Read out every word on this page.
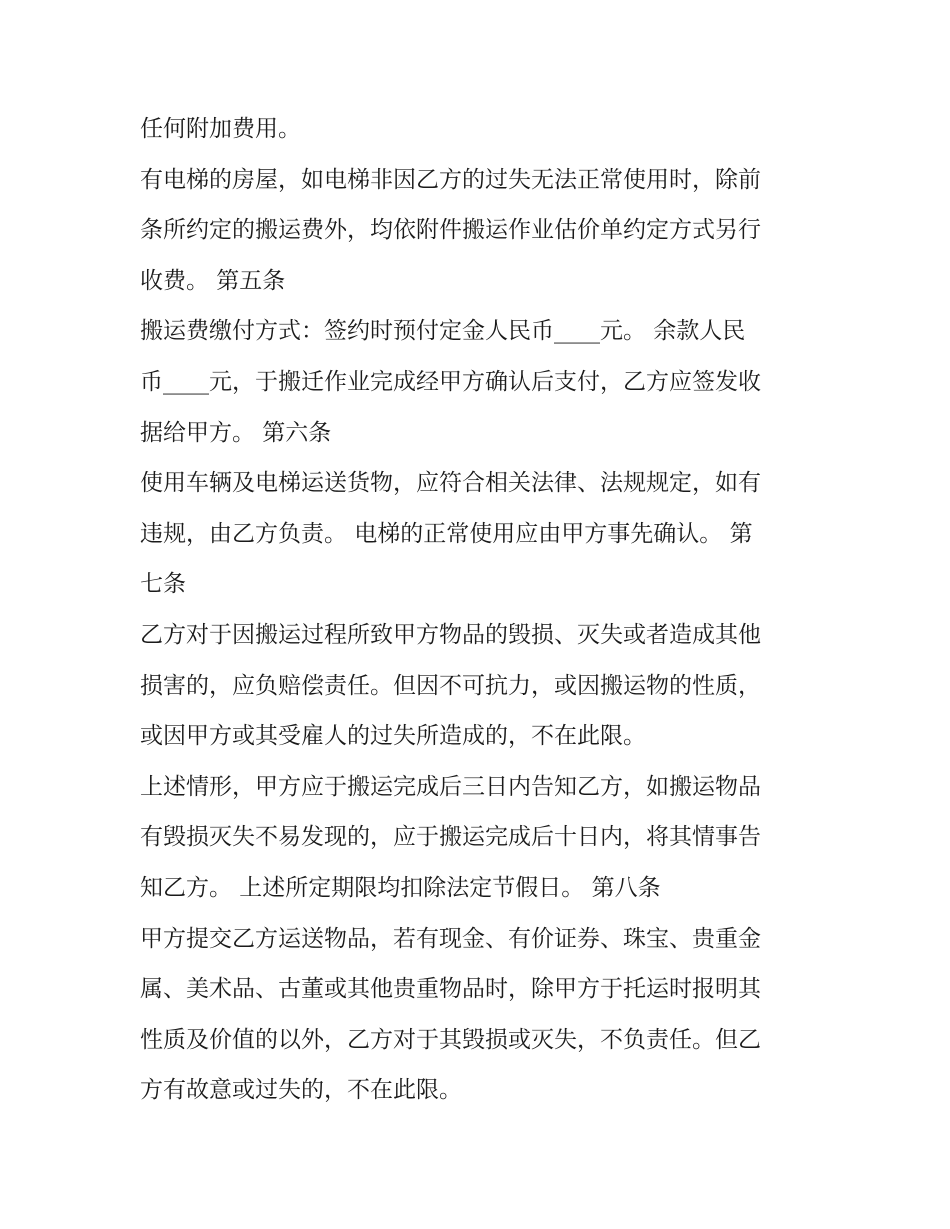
任何附加费用。

有电梯的房屋，如电梯非因乙方的过失无法正常使用时，除前

条所约定的搬运费外，均依附件搬运作业估价单约定方式另行

收费。 第五条

搬运费缴付方式：签约时预付定金人民币____元。 余款人民

币____元，于搬迁作业完成经甲方确认后支付，乙方应签发收

据给甲方。 第六条

使用车辆及电梯运送货物，应符合相关法律、法规规定，如有

违规，由乙方负责。 电梯的正常使用应由甲方事先确认。 第

七条

乙方对于因搬运过程所致甲方物品的毁损、灭失或者造成其他

损害的，应负赔偿责任。但因不可抗力，或因搬运物的性质，

或因甲方或其受雇人的过失所造成的，不在此限。

上述情形，甲方应于搬运完成后三日内告知乙方，如搬运物品

有毁损灭失不易发现的，应于搬运完成后十日内，将其情事告

知乙方。 上述所定期限均扣除法定节假日。 第八条

甲方提交乙方运送物品，若有现金、有价证券、珠宝、贵重金

属、美术品、古董或其他贵重物品时，除甲方于托运时报明其

性质及价值的以外，乙方对于其毁损或灭失，不负责任。但乙

方有故意或过失的，不在此限。
